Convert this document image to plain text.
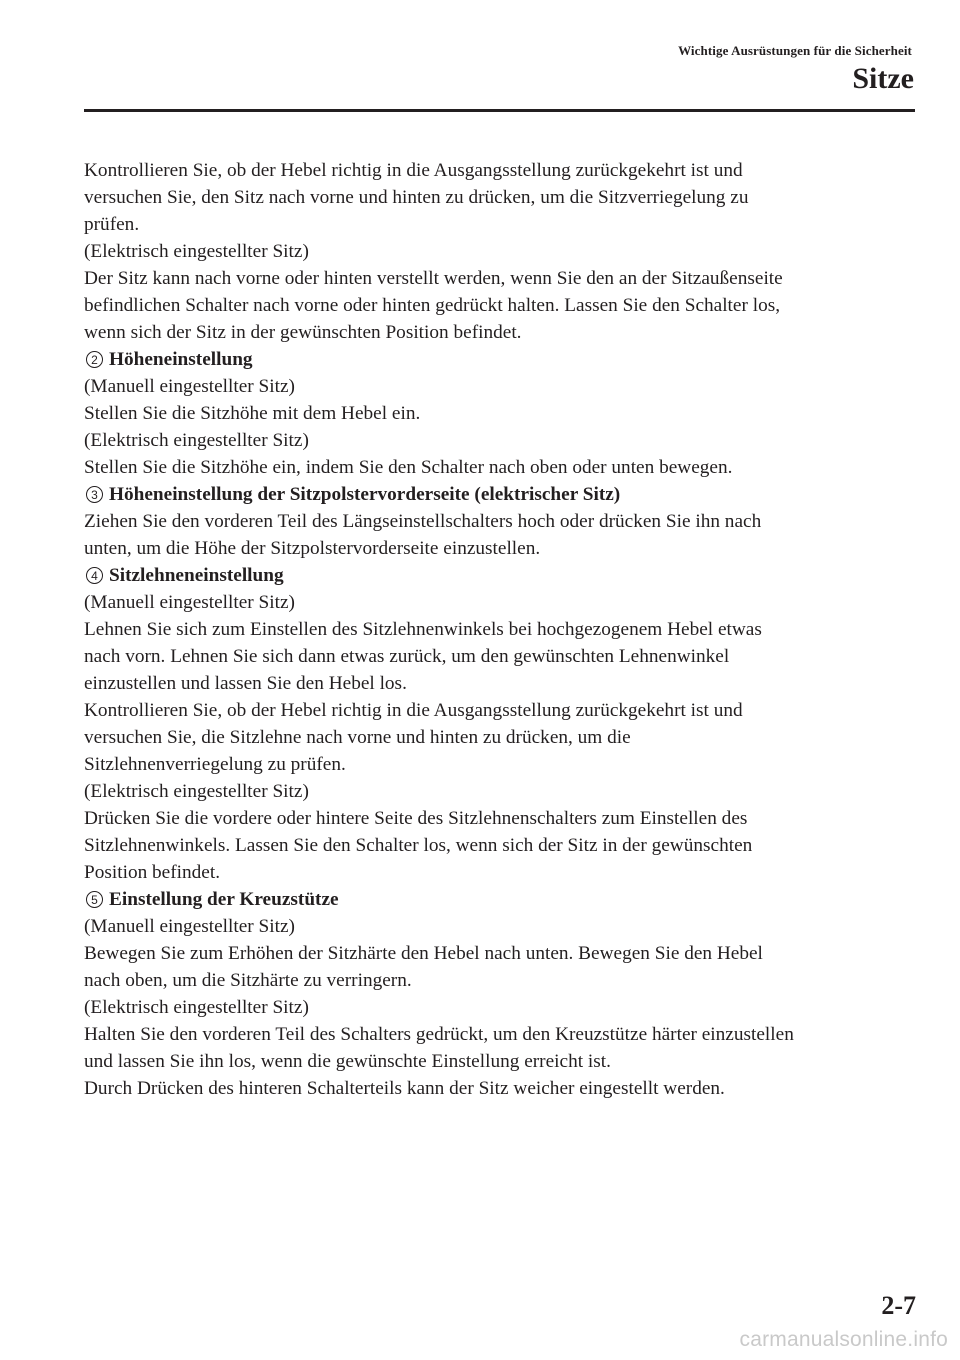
Wichtige Ausrüstungen für die Sicherheit
Sitze
Kontrollieren Sie, ob der Hebel richtig in die Ausgangsstellung zurückgekehrt ist und
versuchen Sie, den Sitz nach vorne und hinten zu drücken, um die Sitzverriegelung zu
prüfen.
(Elektrisch eingestellter Sitz)
Der Sitz kann nach vorne oder hinten verstellt werden, wenn Sie den an der Sitzaußenseite
befindlichen Schalter nach vorne oder hinten gedrückt halten. Lassen Sie den Schalter los,
wenn sich der Sitz in der gewünschten Position befindet.
2 Höheneinstellung
(Manuell eingestellter Sitz)
Stellen Sie die Sitzhöhe mit dem Hebel ein.
(Elektrisch eingestellter Sitz)
Stellen Sie die Sitzhöhe ein, indem Sie den Schalter nach oben oder unten bewegen.
3 Höheneinstellung der Sitzpolstervorderseite (elektrischer Sitz)
Ziehen Sie den vorderen Teil des Längseinstellschalters hoch oder drücken Sie ihn nach
unten, um die Höhe der Sitzpolstervorderseite einzustellen.
4 Sitzlehneneinstellung
(Manuell eingestellter Sitz)
Lehnen Sie sich zum Einstellen des Sitzlehnenwinkels bei hochgezogenem Hebel etwas
nach vorn. Lehnen Sie sich dann etwas zurück, um den gewünschten Lehnenwinkel
einzustellen und lassen Sie den Hebel los.
Kontrollieren Sie, ob der Hebel richtig in die Ausgangsstellung zurückgekehrt ist und
versuchen Sie, die Sitzlehne nach vorne und hinten zu drücken, um die
Sitzlehnenverriegelung zu prüfen.
(Elektrisch eingestellter Sitz)
Drücken Sie die vordere oder hintere Seite des Sitzlehnenschalters zum Einstellen des
Sitzlehnenwinkels. Lassen Sie den Schalter los, wenn sich der Sitz in der gewünschten
Position befindet.
5 Einstellung der Kreuzstütze
(Manuell eingestellter Sitz)
Bewegen Sie zum Erhöhen der Sitzhärte den Hebel nach unten. Bewegen Sie den Hebel
nach oben, um die Sitzhärte zu verringern.
(Elektrisch eingestellter Sitz)
Halten Sie den vorderen Teil des Schalters gedrückt, um den Kreuzstütze härter einzustellen
und lassen Sie ihn los, wenn die gewünschte Einstellung erreicht ist.
Durch Drücken des hinteren Schalterteils kann der Sitz weicher eingestellt werden.
2-7
carmanualsonline.info
